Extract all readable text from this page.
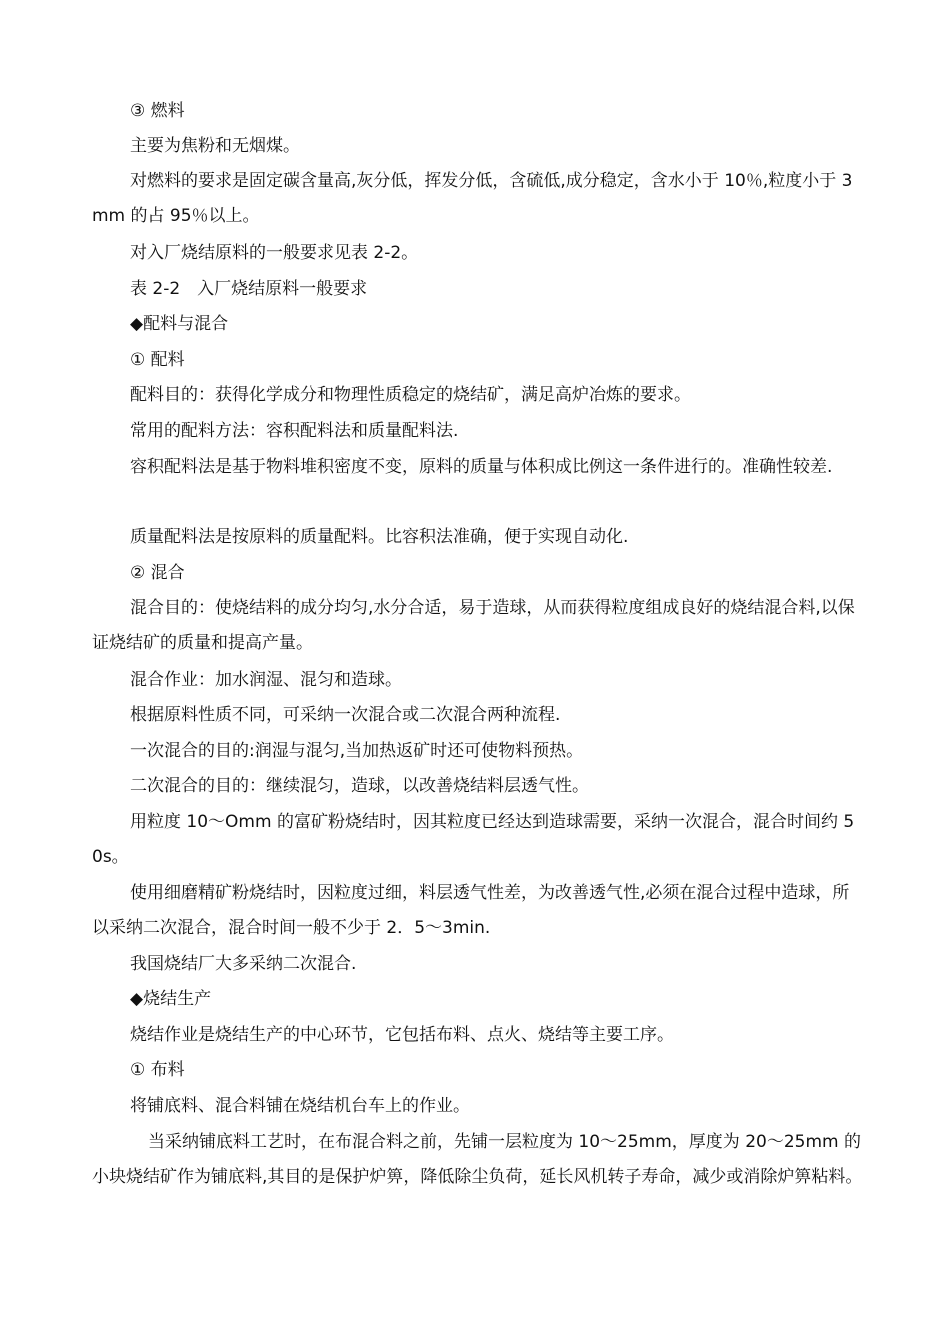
③ 燃料

主要为焦粉和无烟煤。

对燃料的要求是固定碳含量高,灰分低，挥发分低，含硫低,成分稳定，含水小于 10％,粒度小于 3mm 的占 95％以上。

对入厂烧结原料的一般要求见表 2-2。

表 2-2　入厂烧结原料一般要求

◆配料与混合

① 配料

配料目的：获得化学成分和物理性质稳定的烧结矿，满足高炉冶炼的要求。

常用的配料方法：容积配料法和质量配料法.

容积配料法是基于物料堆积密度不变，原料的质量与体积成比例这一条件进行的。准确性较差.

质量配料法是按原料的质量配料。比容积法准确，便于实现自动化.

② 混合

混合目的：使烧结料的成分均匀,水分合适，易于造球，从而获得粒度组成良好的烧结混合料,以保证烧结矿的质量和提高产量。

混合作业：加水润湿、混匀和造球。

根据原料性质不同，可采纳一次混合或二次混合两种流程.

一次混合的目的:润湿与混匀,当加热返矿时还可使物料预热。

二次混合的目的：继续混匀，造球，以改善烧结料层透气性。

用粒度 10～Omm 的富矿粉烧结时，因其粒度已经达到造球需要，采纳一次混合，混合时间约 50s。

使用细磨精矿粉烧结时，因粒度过细，料层透气性差，为改善透气性,必须在混合过程中造球，所以采纳二次混合，混合时间一般不少于 2．5～3min.

我国烧结厂大多采纳二次混合.

◆烧结生产

烧结作业是烧结生产的中心环节，它包括布料、点火、烧结等主要工序。

① 布料

将铺底料、混合料铺在烧结机台车上的作业。

当采纳铺底料工艺时，在布混合料之前，先铺一层粒度为 10～25mm，厚度为 20～25mm 的小块烧结矿作为铺底料,其目的是保护炉箅，降低除尘负荷，延长风机转子寿命，减少或消除炉箅粘料。
